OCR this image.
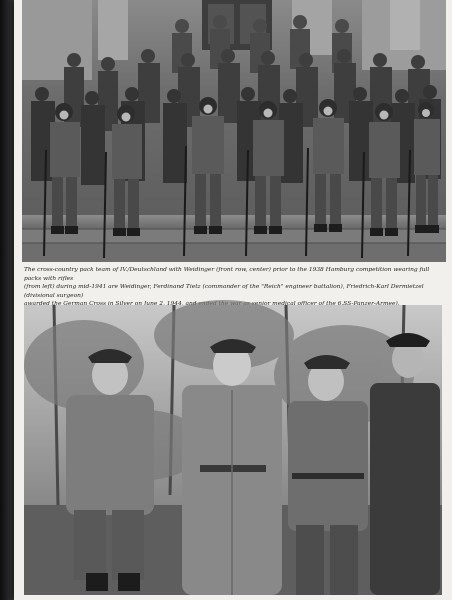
The cross-country pack team of IV./Deutschland with Weidinger (front row, center) prior to the 1938 Hamburg competition wearing full packs with rifles
(from left) during mid-1941 are Weidinger, Ferdinand Tietz (commander of the "Reich" engineer battalion), Friedrich-Karl Dermietzel (divisional surgeon)
